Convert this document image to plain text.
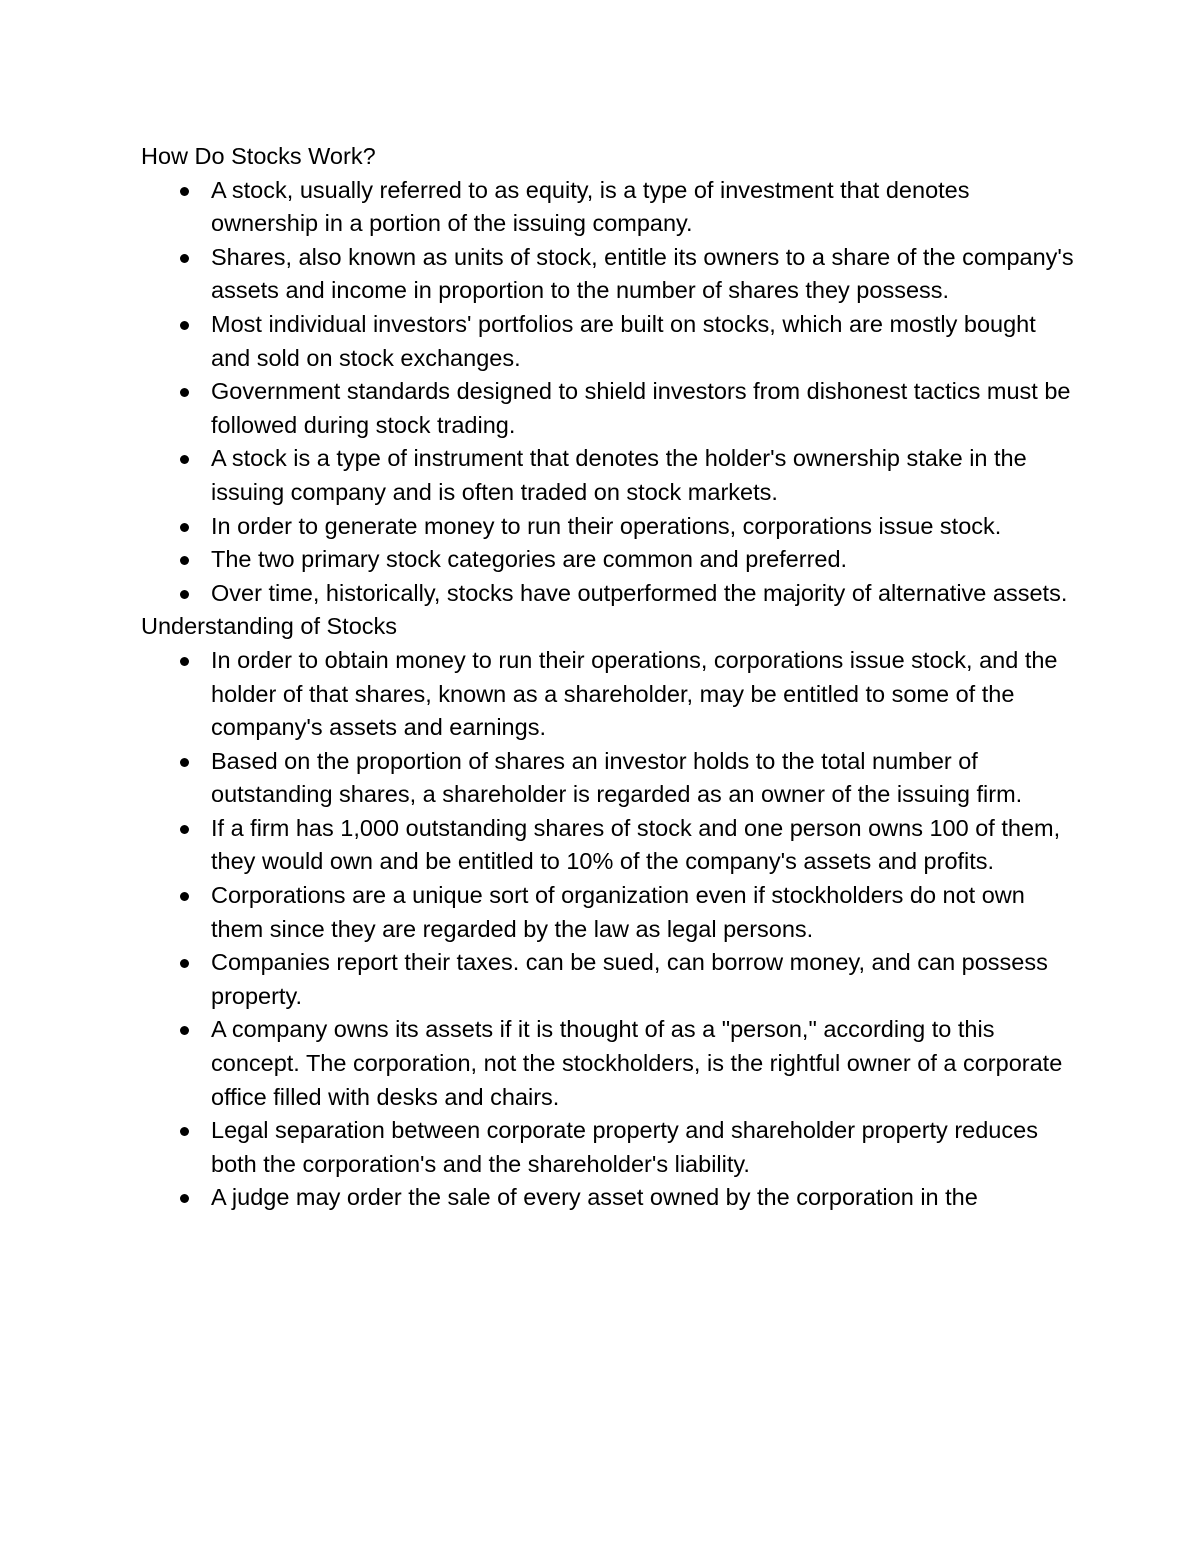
How Do Stocks Work?

A stock, usually referred to as equity, is a type of investment that denotes ownership in a portion of the issuing company.
Shares, also known as units of stock, entitle its owners to a share of the company's assets and income in proportion to the number of shares they possess.
Most individual investors' portfolios are built on stocks, which are mostly bought and sold on stock exchanges.
Government standards designed to shield investors from dishonest tactics must be followed during stock trading.
A stock is a type of instrument that denotes the holder's ownership stake in the issuing company and is often traded on stock markets.
In order to generate money to run their operations, corporations issue stock.
The two primary stock categories are common and preferred.
Over time, historically, stocks have outperformed the majority of alternative assets.

Understanding of Stocks

In order to obtain money to run their operations, corporations issue stock, and the holder of that shares, known as a shareholder, may be entitled to some of the company's assets and earnings.
Based on the proportion of shares an investor holds to the total number of outstanding shares, a shareholder is regarded as an owner of the issuing firm.
If a firm has 1,000 outstanding shares of stock and one person owns 100 of them, they would own and be entitled to 10% of the company's assets and profits.
Corporations are a unique sort of organization even if stockholders do not own them since they are regarded by the law as legal persons.
Companies report their taxes. can be sued, can borrow money, and can possess property.
A company owns its assets if it is thought of as a "person," according to this concept. The corporation, not the stockholders, is the rightful owner of a corporate office filled with desks and chairs.
Legal separation between corporate property and shareholder property reduces both the corporation's and the shareholder's liability.
A judge may order the sale of every asset owned by the corporation in the
